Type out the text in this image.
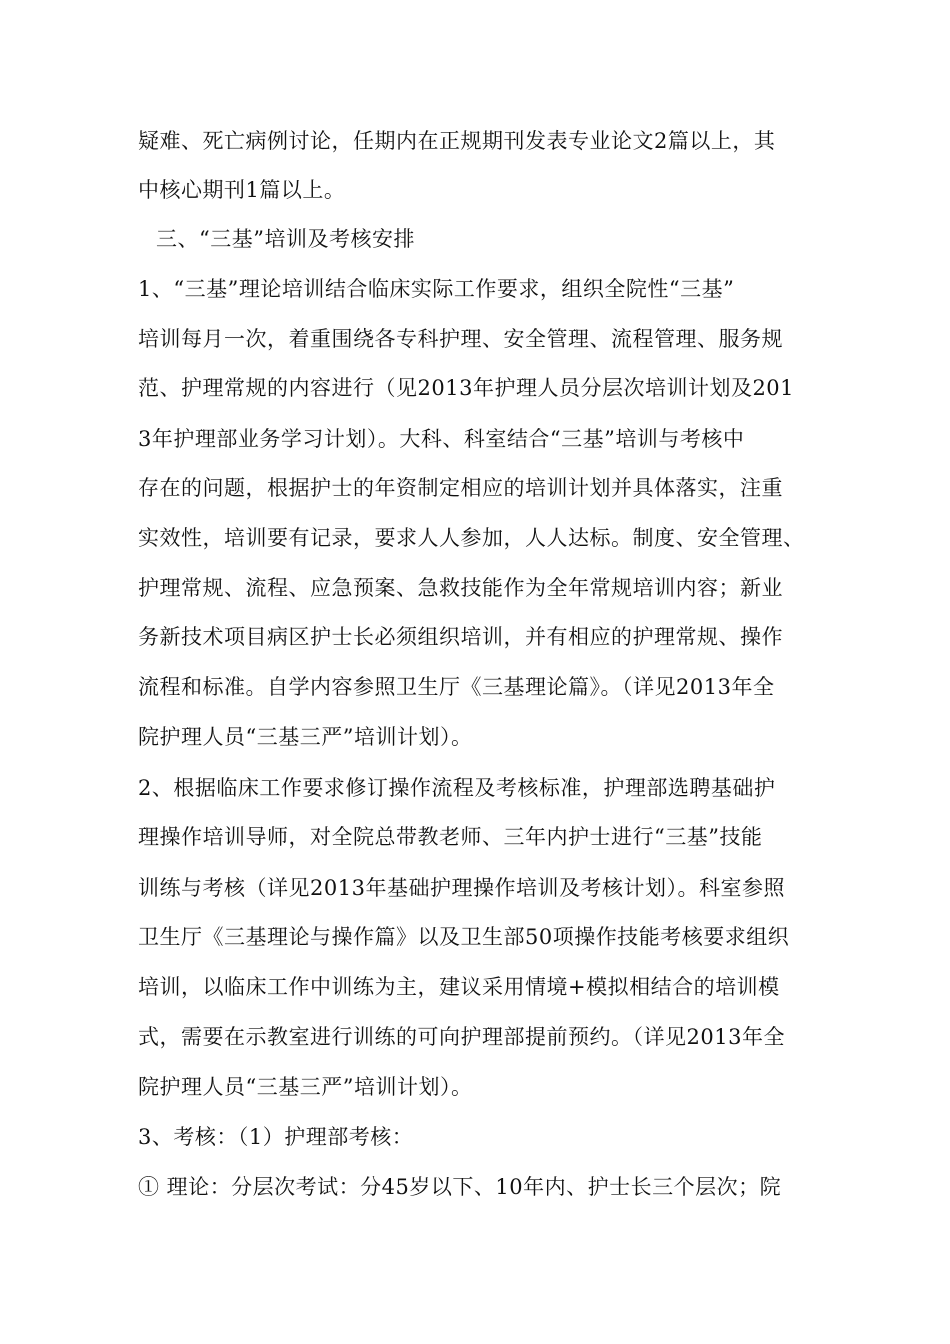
疑难、死亡病例讨论，任期内在正规期刊发表专业论文2篇以上，其
中核心期刊1篇以上。
三、“三基”培训及考核安排
1、“三基”理论培训结合临床实际工作要求，组织全院性“三基”
培训每月一次，着重围绕各专科护理、安全管理、流程管理、服务规
范、护理常规的内容进行（见2013年护理人员分层次培训计划及201
3年护理部业务学习计划）。大科、科室结合“三基”培训与考核中
存在的问题，根据护士的年资制定相应的培训计划并具体落实，注重
实效性，培训要有记录，要求人人参加，人人达标。制度、安全管理、
护理常规、流程、应急预案、急救技能作为全年常规培训内容；新业
务新技术项目病区护士长必须组织培训，并有相应的护理常规、操作
流程和标准。自学内容参照卫生厅《三基理论篇》。（详见2013年全
院护理人员“三基三严”培训计划）。
2、根据临床工作要求修订操作流程及考核标准，护理部选聘基础护
理操作培训导师，对全院总带教老师、三年内护士进行“三基”技能
训练与考核（详见2013年基础护理操作培训及考核计划）。科室参照
卫生厅《三基理论与操作篇》以及卫生部50项操作技能考核要求组织
培训，以临床工作中训练为主，建议采用情境+模拟相结合的培训模
式，需要在示教室进行训练的可向护理部提前预约。（详见2013年全
院护理人员“三基三严”培训计划）。
3、考核：（1）护理部考核：
① 理论：分层次考试：分45岁以下、10年内、护士长三个层次；院
